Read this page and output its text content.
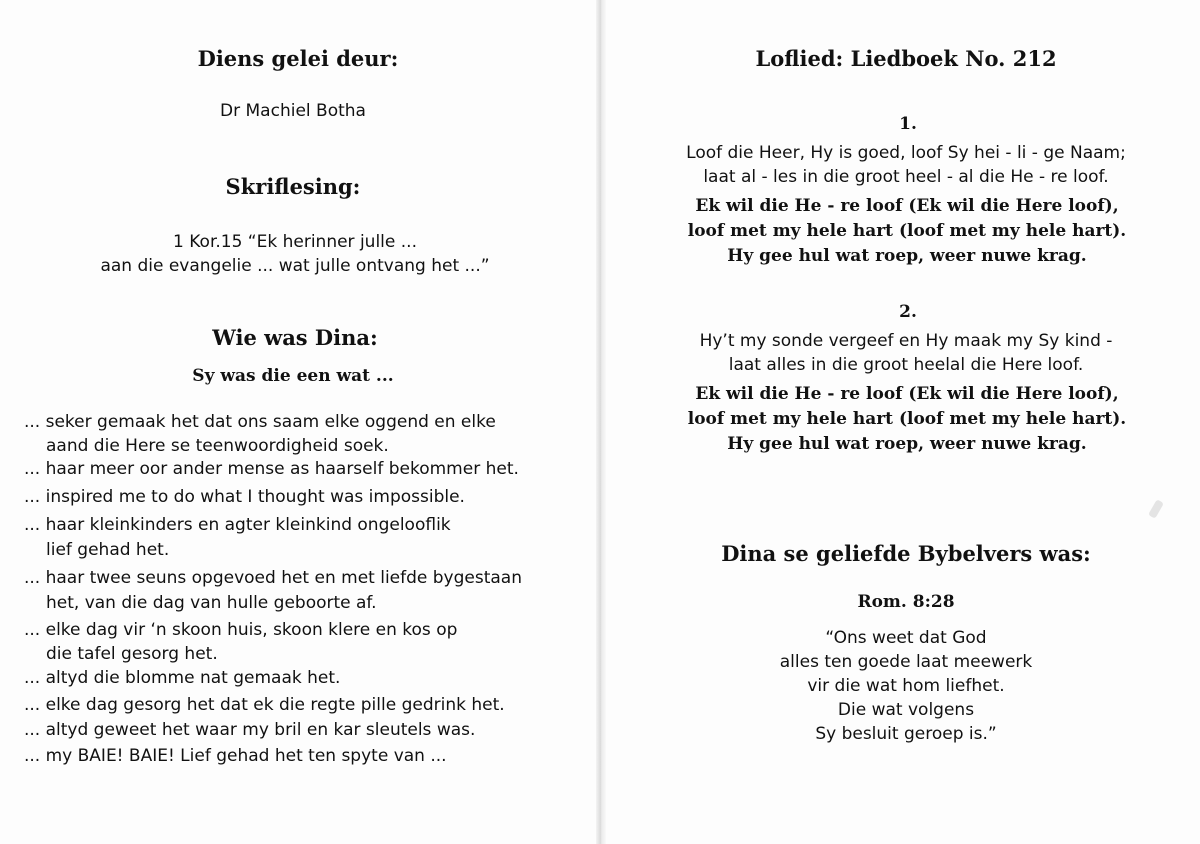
Diens gelei deur:
Dr Machiel Botha
Skriflesing:
1 Kor.15 “Ek herinner julle ...
aan die evangelie ... wat julle ontvang het ...”
Wie was Dina:
Sy was die een wat ...
... seker gemaak het dat ons saam elke oggend en elke
aand die Here se teenwoordigheid soek.
... haar meer oor ander mense as haarself bekommer het.
... inspired me to do what I thought was impossible.
... haar kleinkinders en agter kleinkind ongelooflik
lief gehad het.
... haar twee seuns opgevoed het en met liefde bygestaan
het, van die dag van hulle geboorte af.
... elke dag vir ‘n skoon huis, skoon klere en kos op
die tafel gesorg het.
... altyd die blomme nat gemaak het.
... elke dag gesorg het dat ek die regte pille gedrink het.
... altyd geweet het waar my bril en kar sleutels was.
... my BAIE! BAIE! Lief gehad het ten spyte van ...
Loflied: Liedboek No. 212
1.
Loof die Heer, Hy is goed, loof Sy hei - li - ge Naam;
laat al - les in die groot heel - al die He - re loof.
Ek wil die He - re loof (Ek wil die Here loof),
loof met my hele hart (loof met my hele hart).
Hy gee hul wat roep, weer nuwe krag.
2.
Hy’t my sonde vergeef en Hy maak my Sy kind -
laat alles in die groot heelal die Here loof.
Ek wil die He - re loof (Ek wil die Here loof),
loof met my hele hart (loof met my hele hart).
Hy gee hul wat roep, weer nuwe krag.
Dina se geliefde Bybelvers was:
Rom. 8:28
“Ons weet dat God
alles ten goede laat meewerk
vir die wat hom liefhet.
Die wat volgens
Sy besluit geroep is.”
